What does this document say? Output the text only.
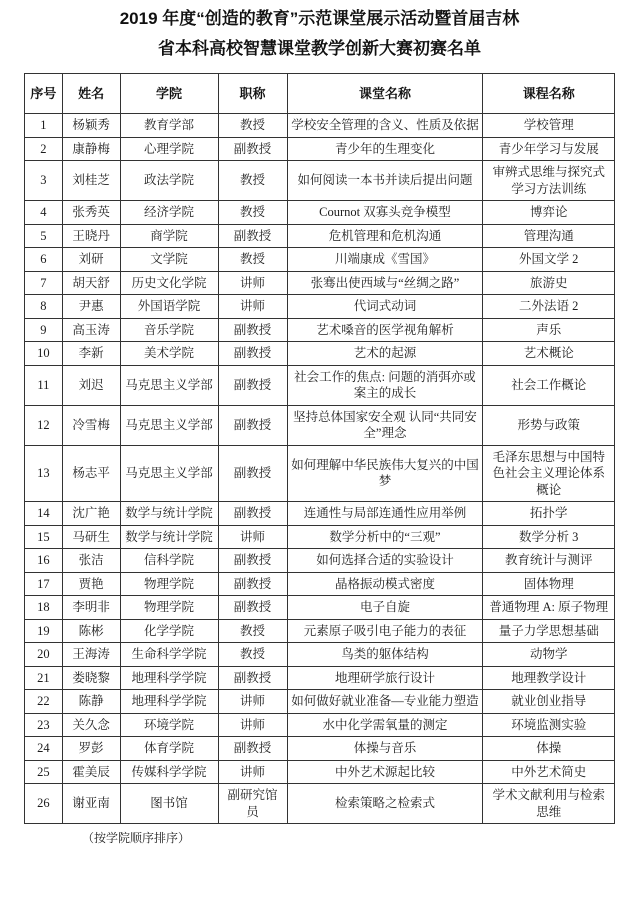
2019 年度“创造的教育”示范课堂展示活动暨首届吉林
省本科高校智慧课堂教学创新大赛初赛名单
序号	姓名	学院	职称	课堂名称	课程名称
1	杨颖秀	教育学部	教授	学校安全管理的含义、性质及依据	学校管理
2	康静梅	心理学院	副教授	青少年的生理变化	青少年学习与发展
3	刘桂芝	政法学院	教授	如何阅读一本书并读后提出问题	审辨式思维与探究式学习方法训练
4	张秀英	经济学院	教授	Cournot 双寡头竞争模型	博弈论
5	王晓丹	商学院	副教授	危机管理和危机沟通	管理沟通
6	刘研	文学院	教授	川端康成《雪国》	外国文学 2
7	胡天舒	历史文化学院	讲师	张骞出使西域与“丝绸之路”	旅游史
8	尹惠	外国语学院	讲师	代词式动词	二外法语 2
9	高玉涛	音乐学院	副教授	艺术嗓音的医学视角解析	声乐
10	李新	美术学院	副教授	艺术的起源	艺术概论
11	刘迟	马克思主义学部	副教授	社会工作的焦点: 问题的消弭亦或案主的成长	社会工作概论
12	冷雪梅	马克思主义学部	副教授	坚持总体国家安全观 认同“共同安全”理念	形势与政策
13	杨志平	马克思主义学部	副教授	如何理解中华民族伟大复兴的中国梦	毛泽东思想与中国特色社会主义理论体系概论
14	沈广艳	数学与统计学院	副教授	连通性与局部连通性应用举例	拓扑学
15	马研生	数学与统计学院	讲师	数学分析中的“三观”	数学分析 3
16	张洁	信科学院	副教授	如何选择合适的实验设计	教育统计与测评
17	贾艳	物理学院	副教授	晶格振动模式密度	固体物理
18	李明非	物理学院	副教授	电子自旋	普通物理 A: 原子物理
19	陈彬	化学学院	教授	元素原子吸引电子能力的表征	量子力学思想基础
20	王海涛	生命科学学院	教授	鸟类的躯体结构	动物学
21	娄晓黎	地理科学学院	副教授	地理研学旅行设计	地理教学设计
22	陈静	地理科学学院	讲师	如何做好就业准备—专业能力塑造	就业创业指导
23	关久念	环境学院	讲师	水中化学需氧量的测定	环境监测实验
24	罗彭	体育学院	副教授	体操与音乐	体操
25	霍美辰	传媒科学学院	讲师	中外艺术源起比较	中外艺术简史
26	谢亚南	图书馆	副研究馆员	检索策略之检索式	学术文献利用与检索思维
（按学院顺序排序）
